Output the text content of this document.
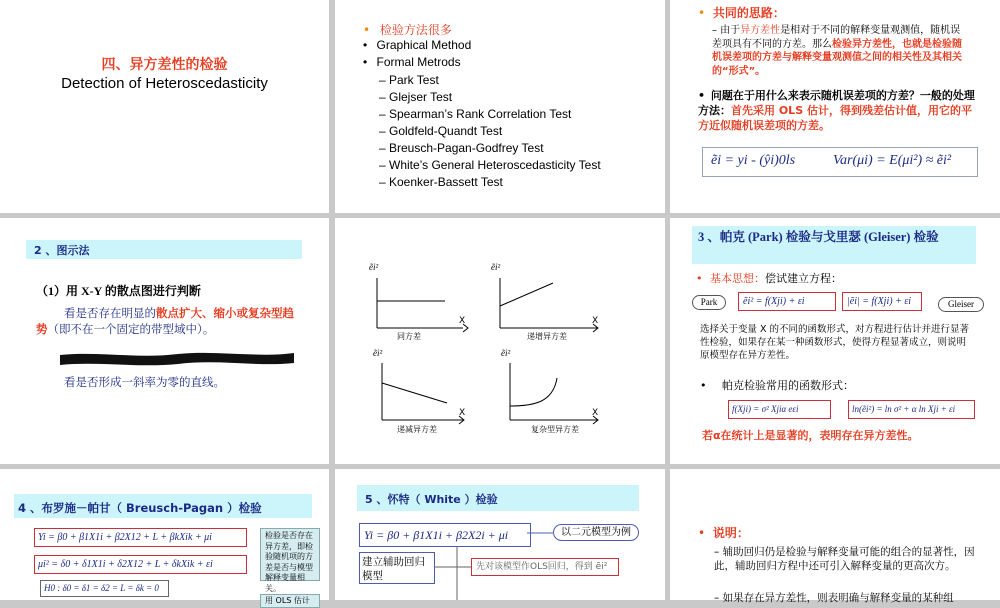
四、异方差性的检验
Detection of Heteroscedasticity
• 检验方法很多
• Graphical Method
• Formal Metrods
– Park Test
– Glejser Test
– Spearman’s Rank Correlation Test
– Goldfeld-Quandt Test
– Breusch-Pagan-Godfrey Test
– White’s General Heteroscedasticity Test
– Koenker-Bassett Test
• 共同的思路：
– 由于异方差性是相对于不同的解释变量观测值，随机误差项具有不同的方差。那么检验异方差性，也就是检验随机误差项的方差与解释变量观测值之间的相关性及其相关的“形式”。
• 问题在于用什么来表示随机误差项的方差？一般的处理方法：首先采用 OLS 估计，得到残差估计值，用它的平方近似随机误差项的方差。
ẽi = yi - (ŷi)0ls	Var(μi) = E(μi²) ≈ ẽi²
2 、图示法
（1）用 X-Y 的散点图进行判断
看是否存在明显的散点扩大、缩小或复杂型趋势（即不在一个固定的带型域中）。
看是否形成一斜率为零的直线。
ẽi²	ẽi²
ẽi²	ẽi²
X	X
X	X
同方差	递增异方差
递减异方差	复杂型异方差
3 、帕克 (Park) 检验与戈里瑟 (Gleiser) 检验
• 基本思想：偿试建立方程：
Park	ẽi² = f(Xji) + εi	|ẽi| = f(Xji) + εi	Gleiser
选择关于变量 X 的不同的函数形式，对方程进行估计并进行显著性检验，如果存在某一种函数形式，使得方程显著成立，则说明原模型存在异方差性。
• 帕克检验常用的函数形式：
f(Xji) = σ² Xjiα eεi	ln(ẽi²) = ln σ² + α ln Xji + εi
若α在统计上是显著的，表明存在异方差性。
4 、布罗施－帕甘（ Breusch-Pagan ）检验
Yi = β0 + β1X1i + β2X12 + L + βkXik + μi
μi² = δ0 + δ1X1i + δ2X12 + L + δkXik + εi
H0 : δ0 = δ1 = δ2 = L = δk = 0
检验是否存在异方差，即检验随机项的方差是否与模型解释变量相关。
用 OLS 估计
5 、怀特（ White ）检验
Yi = β0 + β1X1i + β2X2i + μi	以二元模型为例
建立辅助回归模型
先对该模型作OLS回归，得到 ẽi²
• 说明：
– 辅助回归仍是检验与解释变量可能的组合的显著性，因此，辅助回归方程中还可引入解释变量的更高次方。
– 如果存在异方差性，则表明确与解释变量的某种组
